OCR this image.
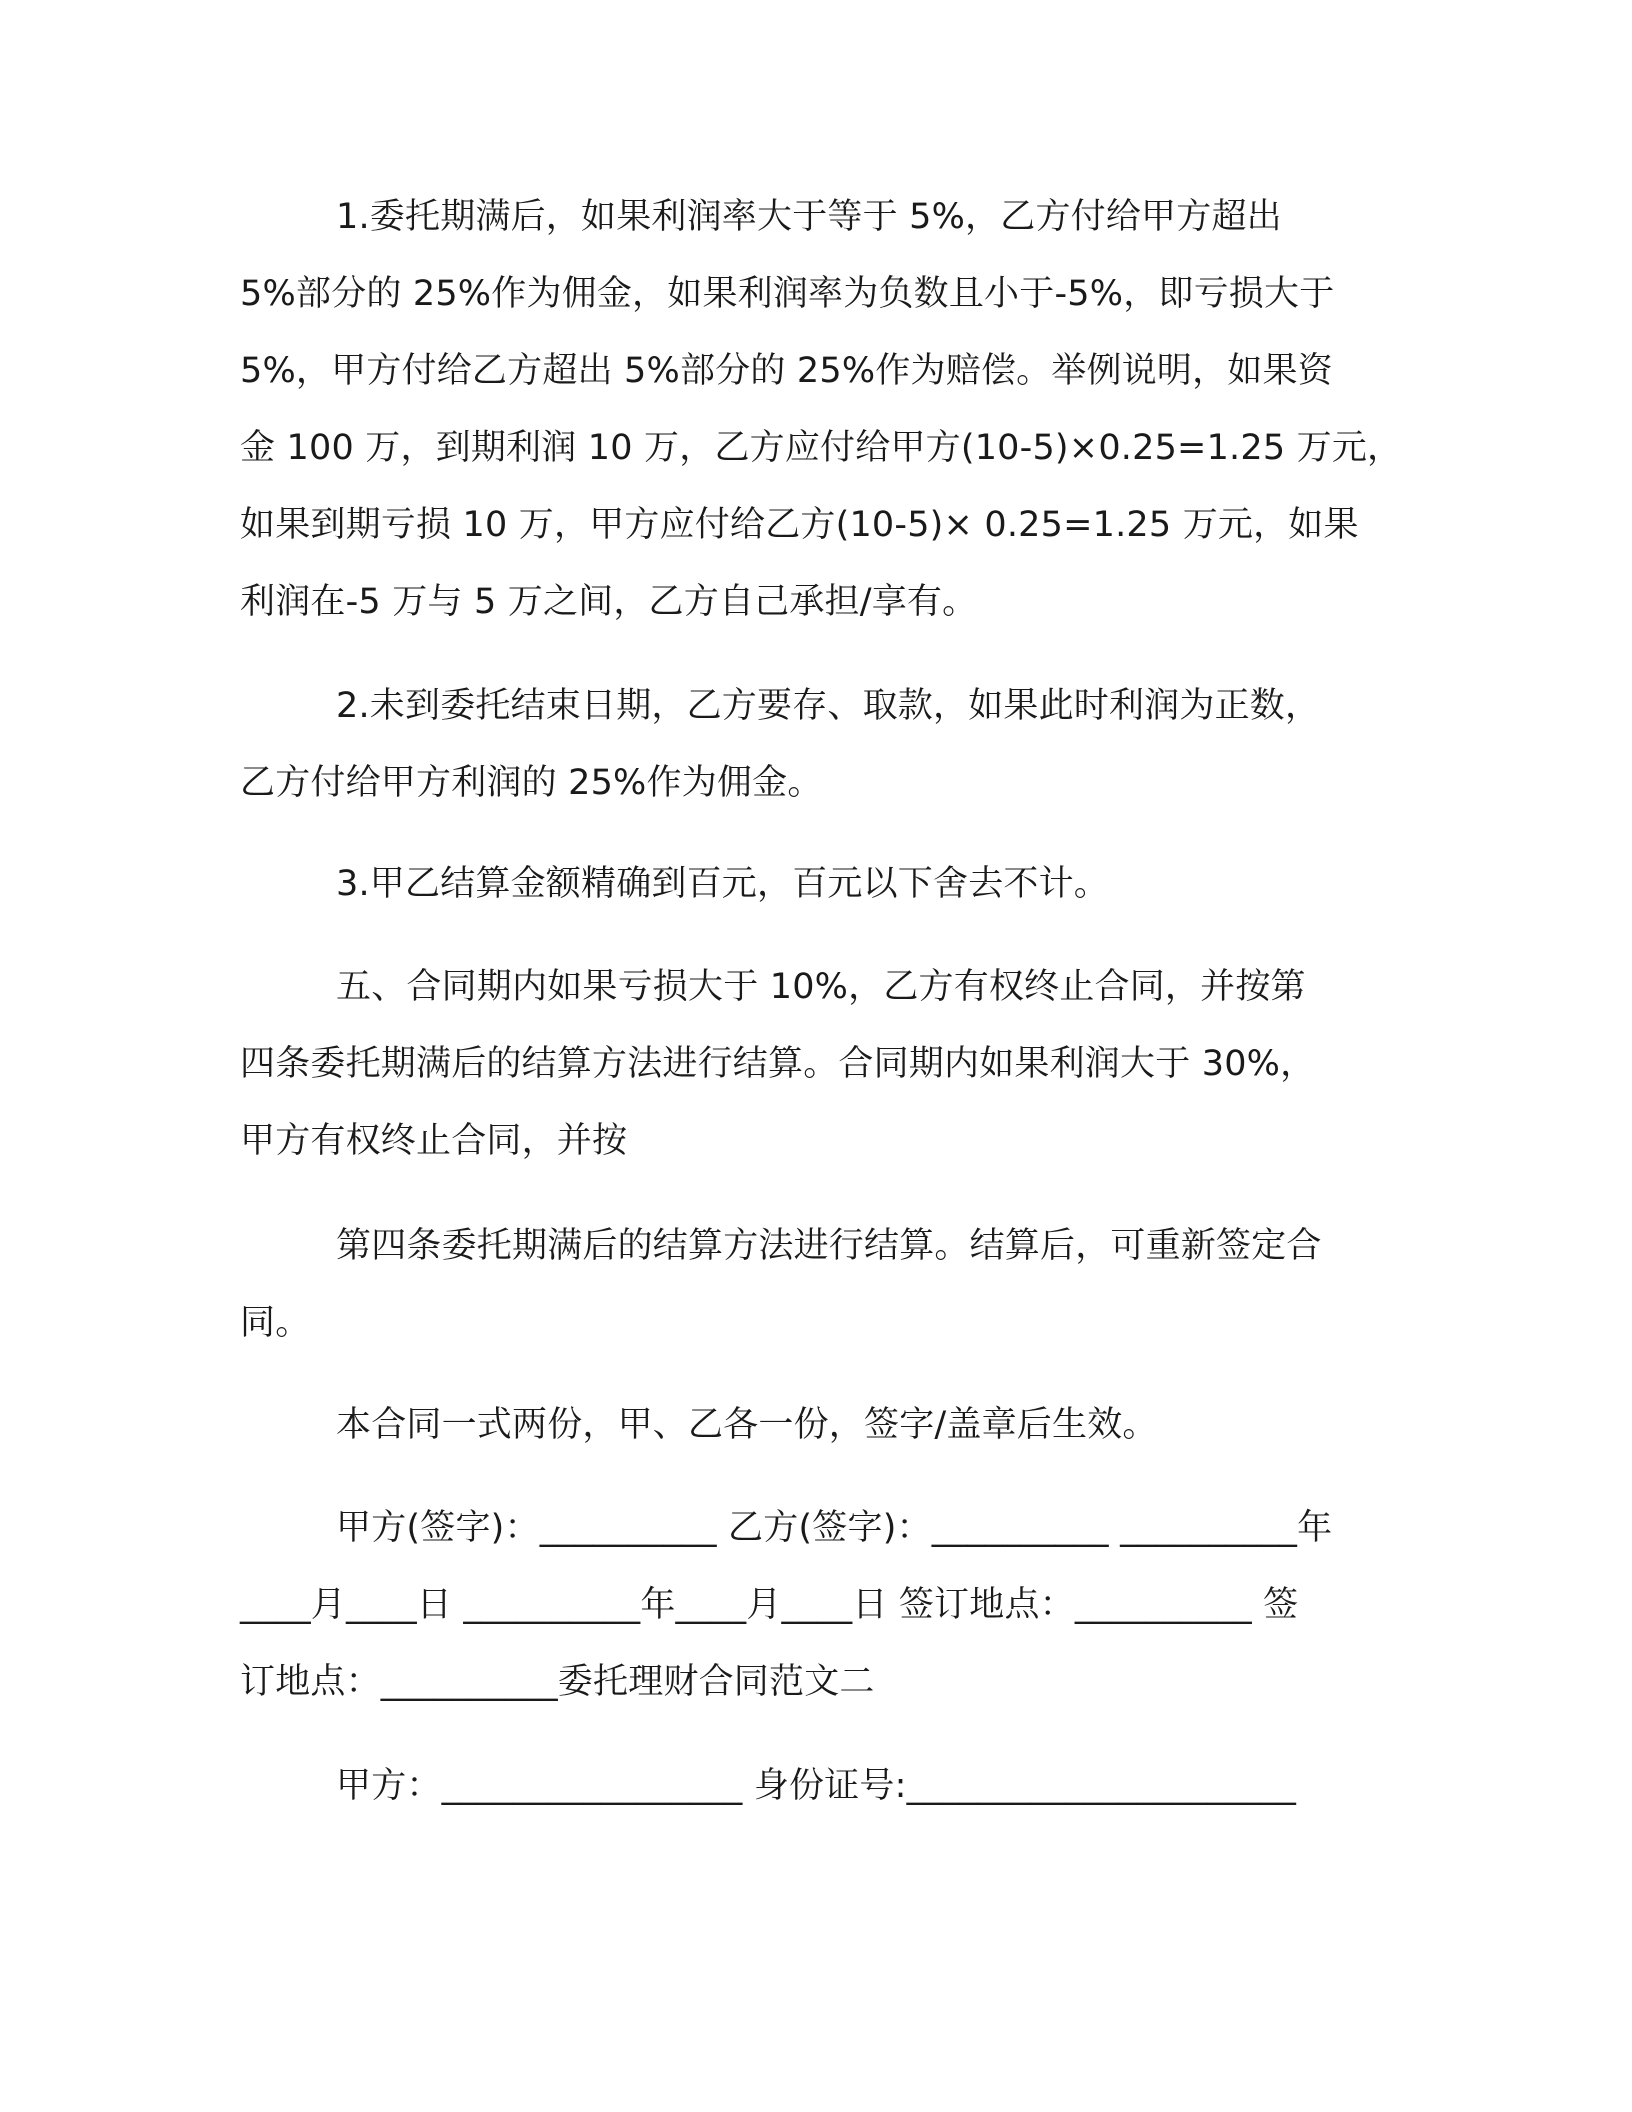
1.委托期满后，如果利润率大于等于 5%，乙方付给甲方超出
5%部分的 25%作为佣金，如果利润率为负数且小于-5%，即亏损大于
5%，甲方付给乙方超出 5%部分的 25%作为赔偿。举例说明，如果资
金 100 万，到期利润 10 万，乙方应付给甲方(10-5)×0.25=1.25 万元，
如果到期亏损 10 万，甲方应付给乙方(10-5)× 0.25=1.25 万元，如果
利润在-5 万与 5 万之间，乙方自己承担/享有。
2.未到委托结束日期，乙方要存、取款，如果此时利润为正数，
乙方付给甲方利润的 25%作为佣金。
3.甲乙结算金额精确到百元，百元以下舍去不计。
五、合同期内如果亏损大于 10%，乙方有权终止合同，并按第
四条委托期满后的结算方法进行结算。合同期内如果利润大于 30%，
甲方有权终止合同，并按
第四条委托期满后的结算方法进行结算。结算后，可重新签定合
同。
本合同一式两份，甲、乙各一份，签字/盖章后生效。
甲方(签字)：__________ 乙方(签字)：__________ __________年
____月____日 __________年____月____日 签订地点：__________ 签
订地点：__________委托理财合同范文二
甲方：_________________ 身份证号:______________________
